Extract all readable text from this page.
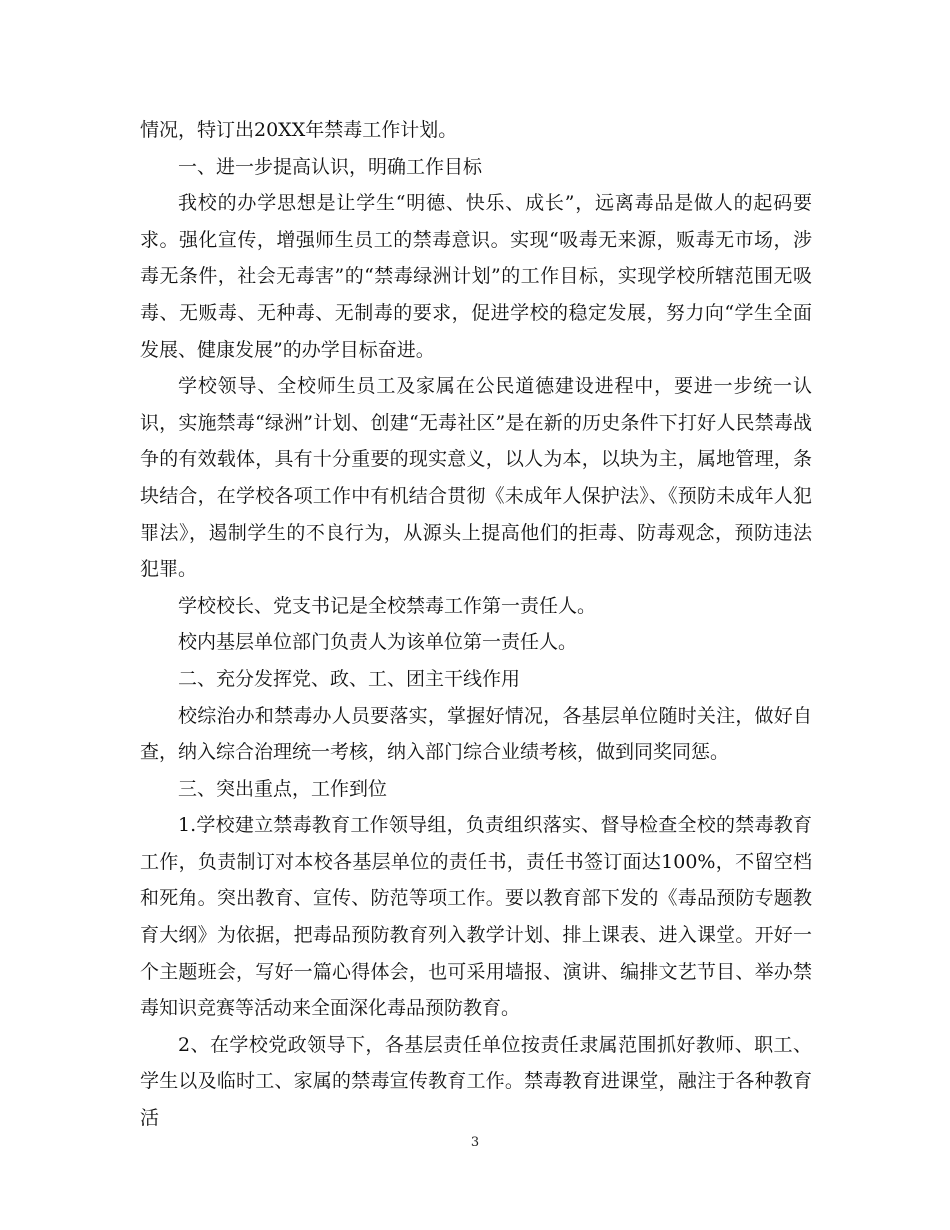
情况，特订出20XX年禁毒工作计划。

一、进一步提高认识，明确工作目标

我校的办学思想是让学生“明德、快乐、成长”，远离毒品是做人的起码要求。强化宣传，增强师生员工的禁毒意识。实现“吸毒无来源，贩毒无市场，涉毒无条件，社会无毒害”的“禁毒绿洲计划”的工作目标，实现学校所辖范围无吸毒、无贩毒、无种毒、无制毒的要求，促进学校的稳定发展，努力向“学生全面发展、健康发展”的办学目标奋进。

学校领导、全校师生员工及家属在公民道德建设进程中，要进一步统一认识，实施禁毒“绿洲”计划、创建“无毒社区”是在新的历史条件下打好人民禁毒战争的有效载体，具有十分重要的现实意义，以人为本，以块为主，属地管理，条块结合，在学校各项工作中有机结合贯彻《未成年人保护法》、《预防未成年人犯罪法》，遏制学生的不良行为，从源头上提高他们的拒毒、防毒观念，预防违法犯罪。

学校校长、党支书记是全校禁毒工作第一责任人。

校内基层单位部门负责人为该单位第一责任人。

二、充分发挥党、政、工、团主干线作用

校综治办和禁毒办人员要落实，掌握好情况，各基层单位随时关注，做好自查，纳入综合治理统一考核，纳入部门综合业绩考核，做到同奖同惩。

三、突出重点，工作到位

1.学校建立禁毒教育工作领导组，负责组织落实、督导检查全校的禁毒教育工作，负责制订对本校各基层单位的责任书，责任书签订面达100%，不留空档和死角。突出教育、宣传、防范等项工作。要以教育部下发的《毒品预防专题教育大纲》为依据，把毒品预防教育列入教学计划、排上课表、进入课堂。开好一个主题班会，写好一篇心得体会，也可采用墙报、演讲、编排文艺节目、举办禁毒知识竞赛等活动来全面深化毒品预防教育。

2、在学校党政领导下，各基层责任单位按责任隶属范围抓好教师、职工、学生以及临时工、家属的禁毒宣传教育工作。禁毒教育进课堂，融注于各种教育活

3
